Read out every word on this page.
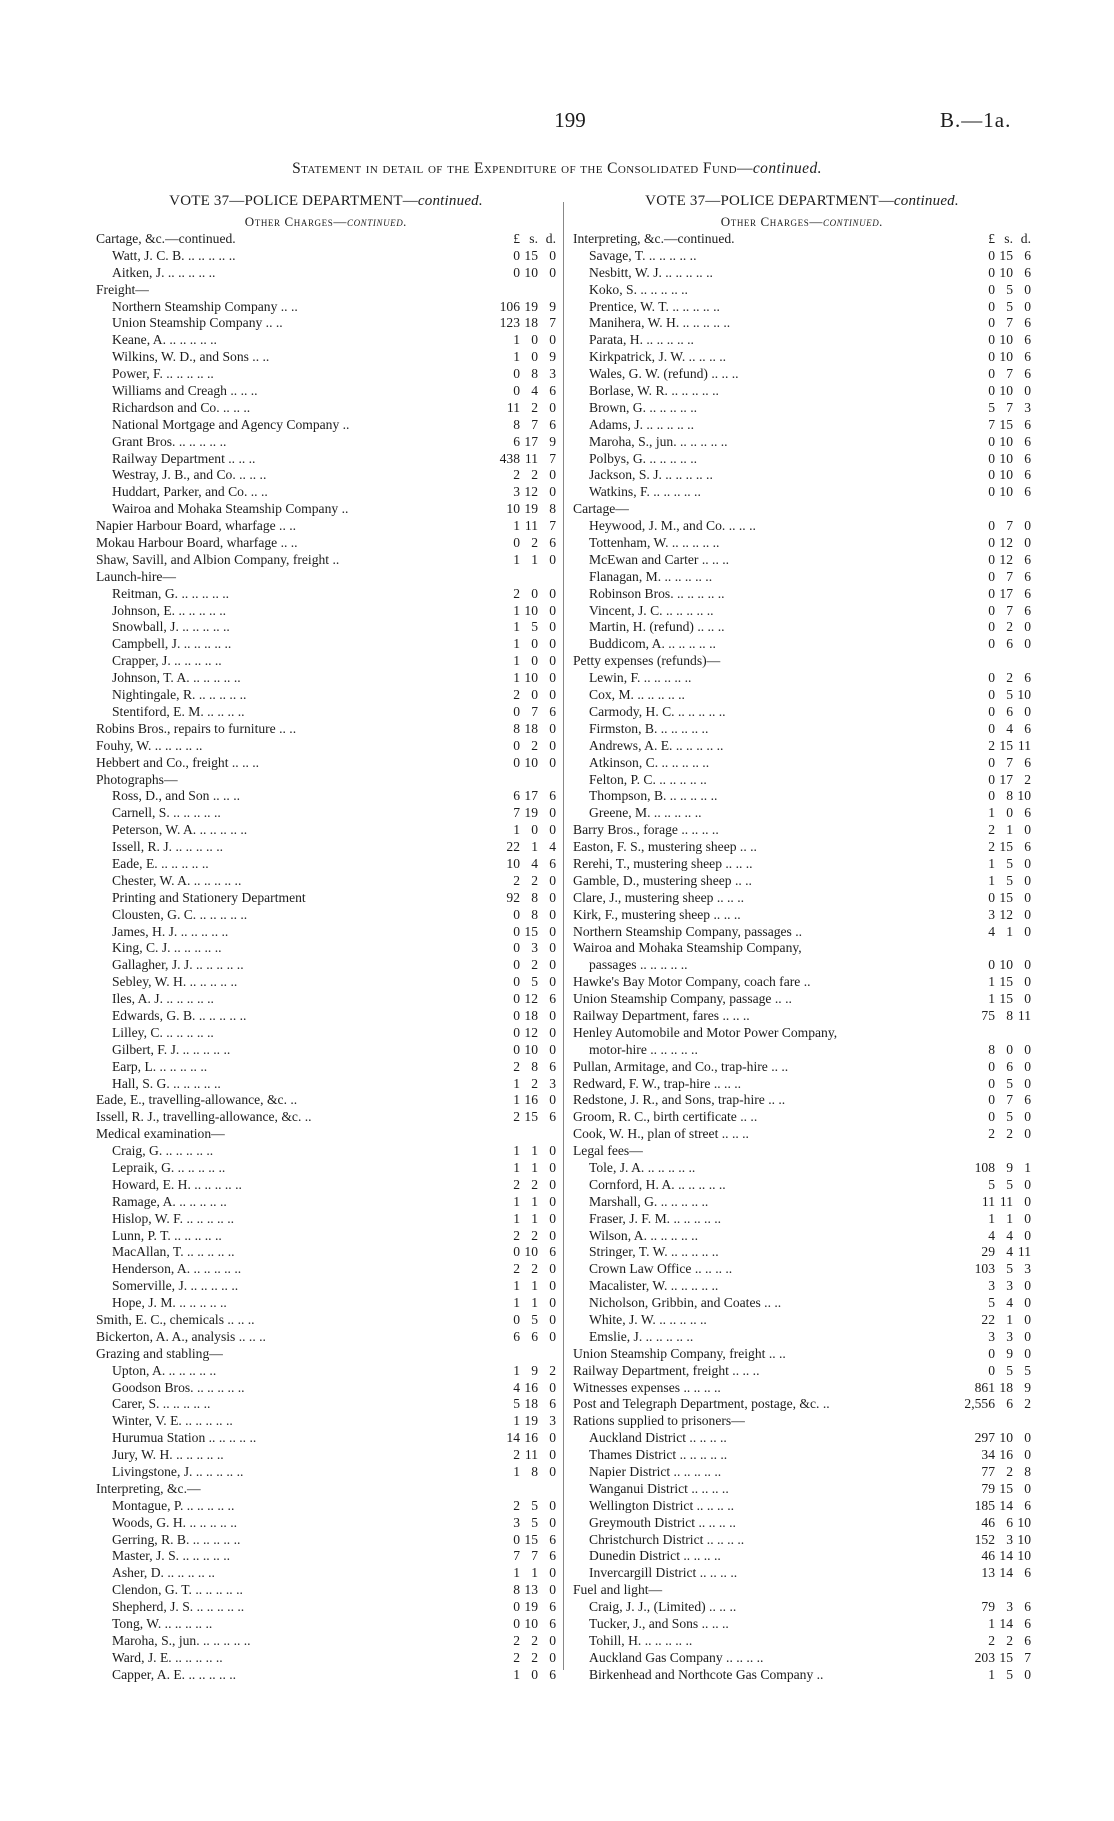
199	B.—1a.
Statement in detail of the Expenditure of the Consolidated Fund—continued.
VOTE 37—POLICE DEPARTMENT—continued.
Other Charges—continued.
Cartage, &c.—continued.	£ s. d.
Watt, J. C. B. .. .. .. .. ..	0 15 0
Aitken, J. .. .. .. .. ..	0 10 0
Freight—
Northern Steamship Company .. ..	106 19 9
Union Steamship Company .. ..	123 18 7
Keane, A. .. .. .. .. ..	1 0 0
Wilkins, W. D., and Sons .. ..	1 0 9
Power, F. .. .. .. .. ..	0 8 3
Williams and Creagh .. .. ..	0 4 6
Richardson and Co. .. .. ..	11 2 0
National Mortgage and Agency Company ..	8 7 6
Grant Bros. .. .. .. .. ..	6 17 9
Railway Department .. .. ..	438 11 7
Westray, J. B., and Co. .. .. ..	2 2 0
Huddart, Parker, and Co. .. ..	3 12 0
Wairoa and Mohaka Steamship Company ..	10 19 8
Napier Harbour Board, wharfage .. ..	1 11 7
Mokau Harbour Board, wharfage .. ..	0 2 6
Shaw, Savill, and Albion Company, freight ..	1 1 0
Launch-hire—
Reitman, G. .. .. .. .. ..	2 0 0
Johnson, E. .. .. .. .. ..	1 10 0
Snowball, J. .. .. .. .. ..	1 5 0
Campbell, J. .. .. .. .. ..	1 0 0
Crapper, J. .. .. .. .. ..	1 0 0
Johnson, T. A. .. .. .. .. ..	1 10 0
Nightingale, R. .. .. .. .. ..	2 0 0
Stentiford, E. M. .. .. .. ..	0 7 6
Robins Bros., repairs to furniture .. ..	8 18 0
Fouhy, W. .. .. .. .. ..	0 2 0
Hebbert and Co., freight .. .. ..	0 10 0
Photographs—
Ross, D., and Son .. .. ..	6 17 6
Carnell, S. .. .. .. .. ..	7 19 0
Peterson, W. A. .. .. .. .. ..	1 0 0
Issell, R. J. .. .. .. .. ..	22 1 4
Eade, E. .. .. .. .. ..	10 4 6
Chester, W. A. .. .. .. .. ..	2 2 0
Printing and Stationery Department	92 8 0
Clousten, G. C. .. .. .. .. ..	0 8 0
James, H. J. .. .. .. .. ..	0 15 0
King, C. J. .. .. .. .. ..	0 3 0
Gallagher, J. J. .. .. .. .. ..	0 2 0
Sebley, W. H. .. .. .. .. ..	0 5 0
Iles, A. J. .. .. .. .. ..	0 12 6
Edwards, G. B. .. .. .. .. ..	0 18 0
Lilley, C. .. .. .. .. ..	0 12 0
Gilbert, F. J. .. .. .. .. ..	0 10 0
Earp, L. .. .. .. .. ..	2 8 6
Hall, S. G. .. .. .. .. ..	1 2 3
Eade, E., travelling-allowance, &c. ..	1 16 0
Issell, R. J., travelling-allowance, &c. ..	2 15 6
Medical examination—
Craig, G. .. .. .. .. ..	1 1 0
Lepraik, G. .. .. .. .. ..	1 1 0
Howard, E. H. .. .. .. .. ..	2 2 0
Ramage, A. .. .. .. .. ..	1 1 0
Hislop, W. F. .. .. .. .. ..	1 1 0
Lunn, P. T. .. .. .. .. ..	2 2 0
MacAllan, T. .. .. .. .. ..	0 10 6
Henderson, A. .. .. .. .. ..	2 2 0
Somerville, J. .. .. .. .. ..	1 1 0
Hope, J. M. .. .. .. .. ..	1 1 0
Smith, E. C., chemicals .. .. ..	0 5 0
Bickerton, A. A., analysis .. .. ..	6 6 0
Grazing and stabling—
Upton, A. .. .. .. .. ..	1 9 2
Goodson Bros. .. .. .. .. ..	4 16 0
Carer, S. .. .. .. .. ..	5 18 6
Winter, V. E. .. .. .. .. ..	1 19 3
Hurumua Station .. .. .. .. ..	14 16 0
Jury, W. H. .. .. .. .. ..	2 11 0
Livingstone, J. .. .. .. .. ..	1 8 0
Interpreting, &c.—
Montague, P. .. .. .. .. ..	2 5 0
Woods, G. H. .. .. .. .. ..	3 5 0
Gerring, R. B. .. .. .. .. ..	0 15 6
Master, J. S. .. .. .. .. ..	7 7 6
Asher, D. .. .. .. .. ..	1 1 0
Clendon, G. T. .. .. .. .. ..	8 13 0
Shepherd, J. S. .. .. .. .. ..	0 19 6
Tong, W. .. .. .. .. ..	0 10 6
Maroha, S., jun. .. .. .. .. ..	2 2 0
Ward, J. E. .. .. .. .. ..	2 2 0
Capper, A. E. .. .. .. .. ..	1 0 6
VOTE 37—POLICE DEPARTMENT—continued.
Other Charges—continued.
Interpreting, &c.—continued.	£ s. d.
Savage, T. .. .. .. .. ..	0 15 6
Nesbitt, W. J. .. .. .. .. ..	0 10 6
Koko, S. .. .. .. .. ..	0 5 0
Prentice, W. T. .. .. .. .. ..	0 5 0
Manihera, W. H. .. .. .. .. ..	0 7 6
Parata, H. .. .. .. .. ..	0 10 6
Kirkpatrick, J. W. .. .. .. ..	0 10 6
Wales, G. W. (refund) .. .. ..	0 7 6
Borlase, W. R. .. .. .. .. ..	0 10 0
Brown, G. .. .. .. .. ..	5 7 3
Adams, J. .. .. .. .. ..	7 15 6
Maroha, S., jun. .. .. .. .. ..	0 10 6
Polbys, G. .. .. .. .. ..	0 10 6
Jackson, S. J. .. .. .. .. ..	0 10 6
Watkins, F. .. .. .. .. ..	0 10 6
Cartage—
Heywood, J. M., and Co. .. .. ..	0 7 0
Tottenham, W. .. .. .. .. ..	0 12 0
McEwan and Carter .. .. ..	0 12 6
Flanagan, M. .. .. .. .. ..	0 7 6
Robinson Bros. .. .. .. .. ..	0 17 6
Vincent, J. C. .. .. .. .. ..	0 7 6
Martin, H. (refund) .. .. ..	0 2 0
Buddicom, A. .. .. .. .. ..	0 6 0
Petty expenses (refunds)—
Lewin, F. .. .. .. .. ..	0 2 6
Cox, M. .. .. .. .. ..	0 5 10
Carmody, H. C. .. .. .. .. ..	0 6 0
Firmston, B. .. .. .. .. ..	0 4 6
Andrews, A. E. .. .. .. .. ..	2 15 11
Atkinson, C. .. .. .. .. ..	0 7 6
Felton, P. C. .. .. .. .. ..	0 17 2
Thompson, B. .. .. .. .. ..	0 8 10
Greene, M. .. .. .. .. ..	1 0 6
Barry Bros., forage .. .. .. ..	2 1 0
Easton, F. S., mustering sheep .. ..	2 15 6
Rerehi, T., mustering sheep .. .. ..	1 5 0
Gamble, D., mustering sheep .. ..	1 5 0
Clare, J., mustering sheep .. .. ..	0 15 0
Kirk, F., mustering sheep .. .. ..	3 12 0
Northern Steamship Company, passages ..	4 1 0
Wairoa and Mohaka Steamship Company,
passages .. .. .. .. ..	0 10 0
Hawke's Bay Motor Company, coach fare ..	1 15 0
Union Steamship Company, passage .. ..	1 15 0
Railway Department, fares .. .. ..	75 8 11
Henley Automobile and Motor Power Company,
motor-hire .. .. .. .. ..	8 0 0
Pullan, Armitage, and Co., trap-hire .. ..	0 6 0
Redward, F. W., trap-hire .. .. ..	0 5 0
Redstone, J. R., and Sons, trap-hire .. ..	0 7 6
Groom, R. C., birth certificate .. ..	0 5 0
Cook, W. H., plan of street .. .. ..	2 2 0
Legal fees—
Tole, J. A. .. .. .. .. ..	108 9 1
Cornford, H. A. .. .. .. .. ..	5 5 0
Marshall, G. .. .. .. .. ..	11 11 0
Fraser, J. F. M. .. .. .. .. ..	1 1 0
Wilson, A. .. .. .. .. ..	4 4 0
Stringer, T. W. .. .. .. .. ..	29 4 11
Crown Law Office .. .. .. ..	103 5 3
Macalister, W. .. .. .. .. ..	3 3 0
Nicholson, Gribbin, and Coates .. ..	5 4 0
White, J. W. .. .. .. .. ..	22 1 0
Emslie, J. .. .. .. .. ..	3 3 0
Union Steamship Company, freight .. ..	0 9 0
Railway Department, freight .. .. ..	0 5 5
Witnesses expenses .. .. .. ..	861 18 9
Post and Telegraph Department, postage, &c. ..	2,556 6 2
Rations supplied to prisoners—
Auckland District .. .. .. ..	297 10 0
Thames District .. .. .. .. ..	34 16 0
Napier District .. .. .. .. ..	77 2 8
Wanganui District .. .. .. ..	79 15 0
Wellington District .. .. .. ..	185 14 6
Greymouth District .. .. .. ..	46 6 10
Christchurch District .. .. .. ..	152 3 10
Dunedin District .. .. .. ..	46 14 10
Invercargill District .. .. .. ..	13 14 6
Fuel and light—
Craig, J. J., (Limited) .. .. ..	79 3 6
Tucker, J., and Sons .. .. ..	1 14 6
Tohill, H. .. .. .. .. ..	2 2 6
Auckland Gas Company .. .. .. ..	203 15 7
Birkenhead and Northcote Gas Company ..	1 5 0
